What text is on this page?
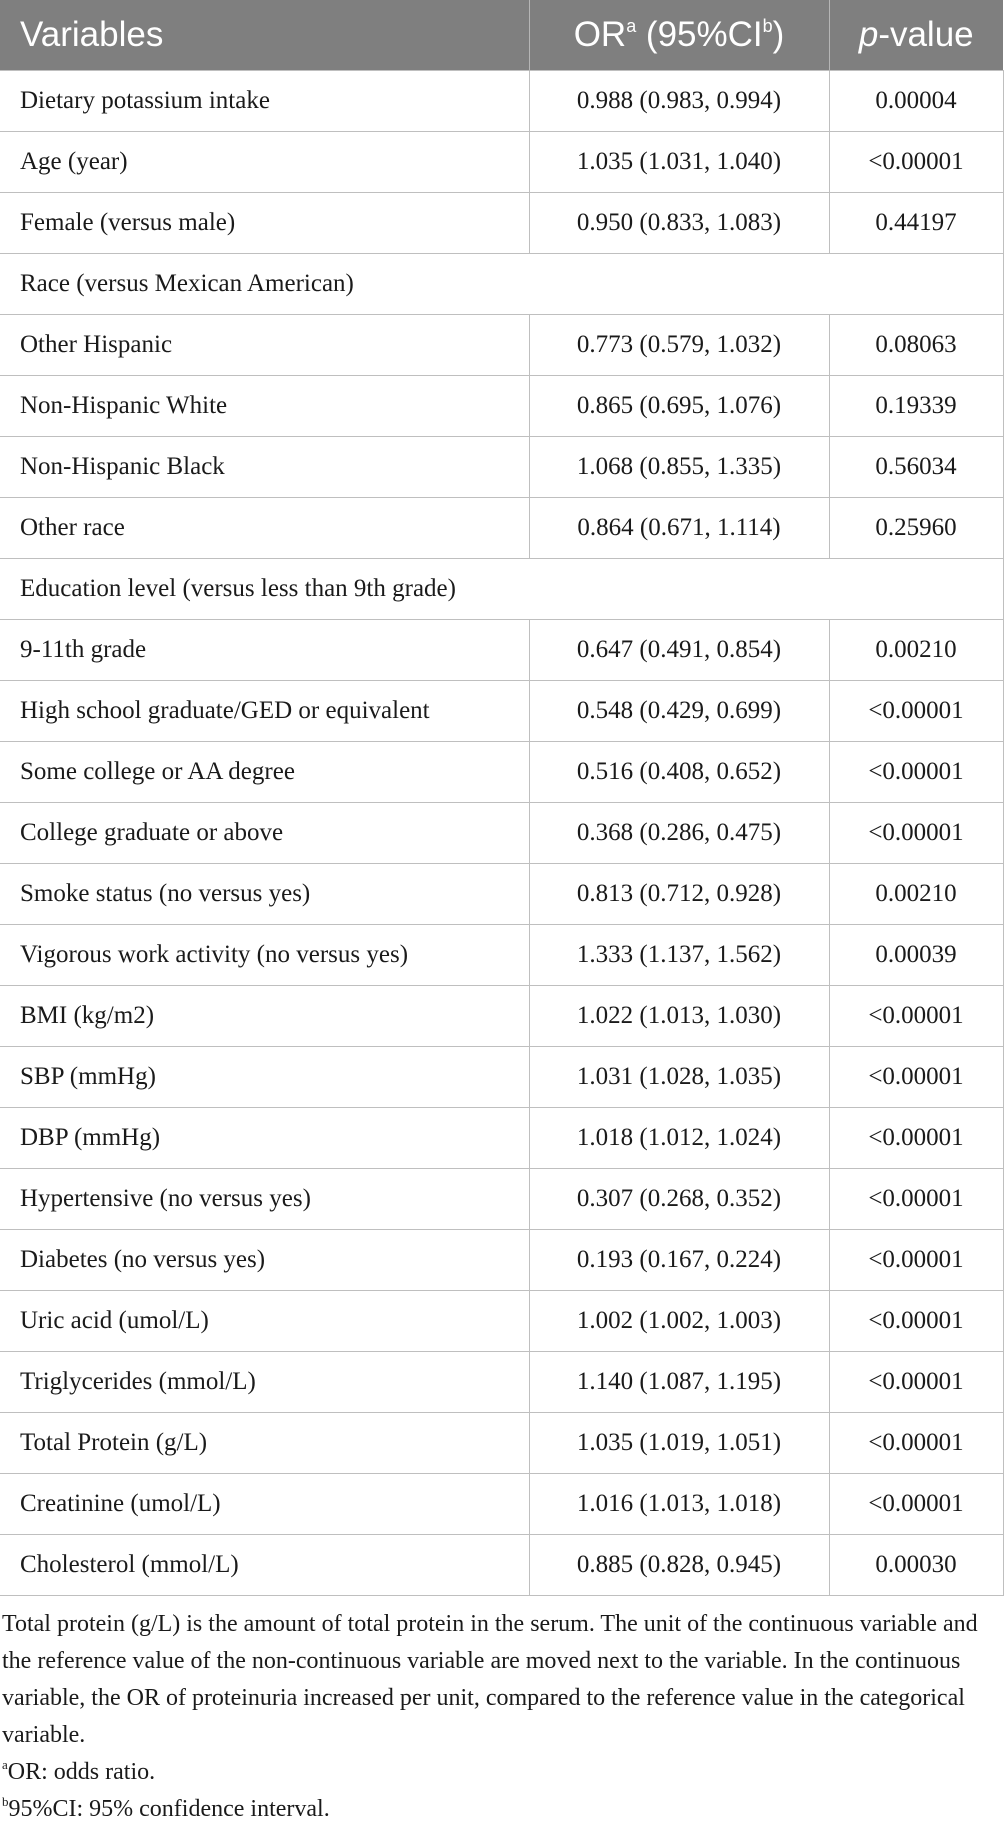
Variables	$OR^a$ $(95\%CI^b)$	p-value
Dietary potassium intake	0.988 (0.983, 0.994)	0.00004
Age (year)	1.035 (1.031, 1.040)	<0.00001
Female (versus male)	0.950 (0.833, 1.083)	0.44197
Race (versus Mexican American)		
Other Hispanic	0.773 (0.579, 1.032)	0.08063
Non-Hispanic White	0.865 (0.695, 1.076)	0.19339
Non-Hispanic Black	1.068 (0.855, 1.335)	0.56034
Other race	0.864 (0.671, 1.114)	0.25960
Education level (versus less than 9th grade)		
9-11th grade	0.647 (0.491, 0.854)	0.00210
High school graduate/GED or equivalent	0.548 (0.429, 0.699)	<0.00001
Some college or AA degree	0.516 (0.408, 0.652)	<0.00001
College graduate or above	0.368 (0.286, 0.475)	<0.00001
Smoke status (no versus yes)	0.813 (0.712, 0.928)	0.00210
Vigorous work activity (no versus yes)	1.333 (1.137, 1.562)	0.00039
BMI (kg/m2)	1.022 (1.013, 1.030)	<0.00001
SBP (mmHg)	1.031 (1.028, 1.035)	<0.00001
DBP (mmHg)	1.018 (1.012, 1.024)	<0.00001
Hypertensive (no versus yes)	0.307 (0.268, 0.352)	<0.00001
Diabetes (no versus yes)	0.193 (0.167, 0.224)	<0.00001
Uric acid (umol/L)	1.002 (1.002, 1.003)	<0.00001
Triglycerides (mmol/L)	1.140 (1.087, 1.195)	<0.00001
Total Protein (g/L)	1.035 (1.019, 1.051)	<0.00001
Creatinine (umol/L)	1.016 (1.013, 1.018)	<0.00001
Cholesterol (mmol/L)	0.885 (0.828, 0.945)	0.00030

Total protein (g/L) is the amount of total protein in the serum. The unit of the continuous variable and the reference value of the non-continuous variable are moved next to the variable. In the continuous variable, the OR of proteinuria increased per unit, compared to the reference value in the categorical variable.

$^a$OR: odds ratio.

$^b$95%CI: 95% confidence interval.
